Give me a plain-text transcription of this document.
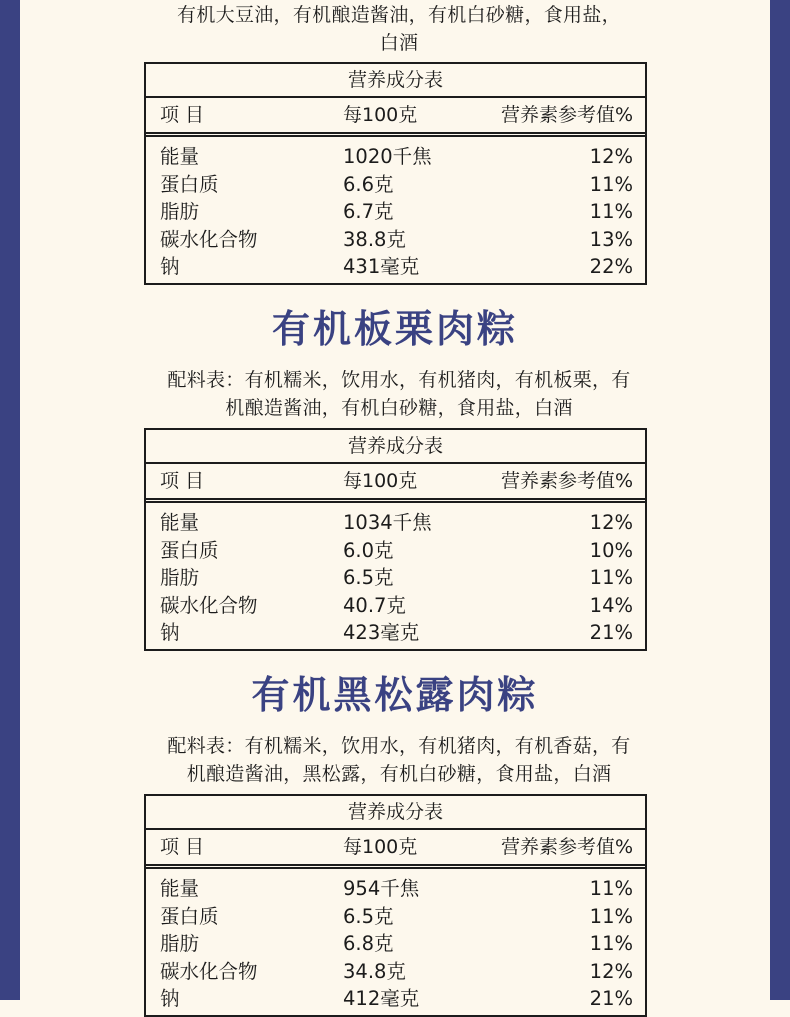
有机大豆油，有机酿造酱油，有机白砂糖，食用盐，
白酒
营养成分表
项 目	每100克	营养素参考值%
能量	1020千焦	12%
蛋白质	6.6克	11%
脂肪	6.7克	11%
碳水化合物	38.8克	13%
钠	431毫克	22%
有机板栗肉粽
配料表：有机糯米，饮用水，有机猪肉，有机板栗，有
机酿造酱油，有机白砂糖，食用盐，白酒
营养成分表
项 目	每100克	营养素参考值%
能量	1034千焦	12%
蛋白质	6.0克	10%
脂肪	6.5克	11%
碳水化合物	40.7克	14%
钠	423毫克	21%
有机黑松露肉粽
配料表：有机糯米，饮用水，有机猪肉，有机香菇，有
机酿造酱油，黑松露，有机白砂糖，食用盐，白酒
营养成分表
项 目	每100克	营养素参考值%
能量	954千焦	11%
蛋白质	6.5克	11%
脂肪	6.8克	11%
碳水化合物	34.8克	12%
钠	412毫克	21%
